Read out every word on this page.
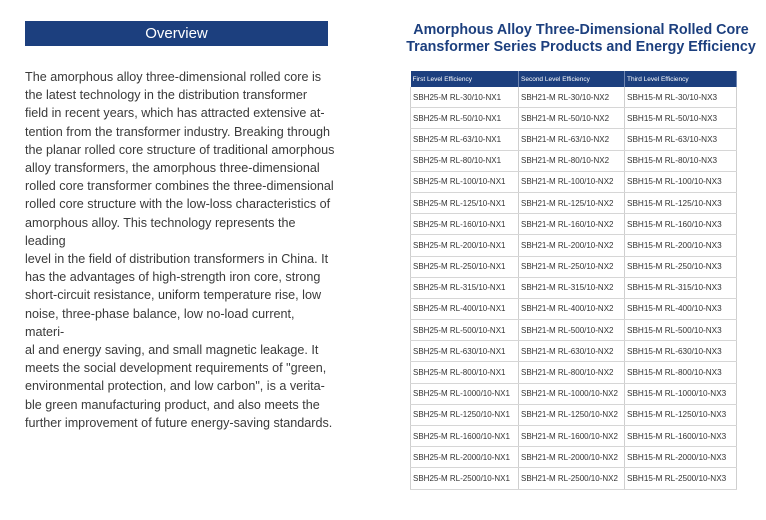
Overview

The amorphous alloy three-dimensional rolled core is
the latest technology in the distribution transformer
field in recent years, which has attracted extensive at-
tention from the transformer industry. Breaking through
the planar rolled core structure of traditional amorphous
alloy transformers, the amorphous three-dimensional
rolled core transformer combines the three-dimensional
rolled core structure with the low-loss characteristics of
amorphous alloy. This technology represents the leading
level in the field of distribution transformers in China. It
has the advantages of high-strength iron core, strong
short-circuit resistance, uniform temperature rise, low
noise, three-phase balance, low no-load current, materi-
al and energy saving, and small magnetic leakage. It
meets the social development requirements of "green,
environmental protection, and low carbon", is a verita-
ble green manufacturing product, and also meets the
further improvement of future energy-saving standards.

Amorphous Alloy Three-Dimensional Rolled Core
Transformer Series Products and Energy Efficiency
First Level Efficiency	Second Level Efficiency	Third Level Efficiency
SBH25-M RL-30/10-NX1	SBH21-M RL-30/10-NX2	SBH15-M RL-30/10-NX3
SBH25-M RL-50/10-NX1	SBH21-M RL-50/10-NX2	SBH15-M RL-50/10-NX3
SBH25-M RL-63/10-NX1	SBH21-M RL-63/10-NX2	SBH15-M RL-63/10-NX3
SBH25-M RL-80/10-NX1	SBH21-M RL-80/10-NX2	SBH15-M RL-80/10-NX3
SBH25-M RL-100/10-NX1	SBH21-M RL-100/10-NX2	SBH15-M RL-100/10-NX3
SBH25-M RL-125/10-NX1	SBH21-M RL-125/10-NX2	SBH15-M RL-125/10-NX3
SBH25-M RL-160/10-NX1	SBH21-M RL-160/10-NX2	SBH15-M RL-160/10-NX3
SBH25-M RL-200/10-NX1	SBH21-M RL-200/10-NX2	SBH15-M RL-200/10-NX3
SBH25-M RL-250/10-NX1	SBH21-M RL-250/10-NX2	SBH15-M RL-250/10-NX3
SBH25-M RL-315/10-NX1	SBH21-M RL-315/10-NX2	SBH15-M RL-315/10-NX3
SBH25-M RL-400/10-NX1	SBH21-M RL-400/10-NX2	SBH15-M RL-400/10-NX3
SBH25-M RL-500/10-NX1	SBH21-M RL-500/10-NX2	SBH15-M RL-500/10-NX3
SBH25-M RL-630/10-NX1	SBH21-M RL-630/10-NX2	SBH15-M RL-630/10-NX3
SBH25-M RL-800/10-NX1	SBH21-M RL-800/10-NX2	SBH15-M RL-800/10-NX3
SBH25-M RL-1000/10-NX1	SBH21-M RL-1000/10-NX2	SBH15-M RL-1000/10-NX3
SBH25-M RL-1250/10-NX1	SBH21-M RL-1250/10-NX2	SBH15-M RL-1250/10-NX3
SBH25-M RL-1600/10-NX1	SBH21-M RL-1600/10-NX2	SBH15-M RL-1600/10-NX3
SBH25-M RL-2000/10-NX1	SBH21-M RL-2000/10-NX2	SBH15-M RL-2000/10-NX3
SBH25-M RL-2500/10-NX1	SBH21-M RL-2500/10-NX2	SBH15-M RL-2500/10-NX3
